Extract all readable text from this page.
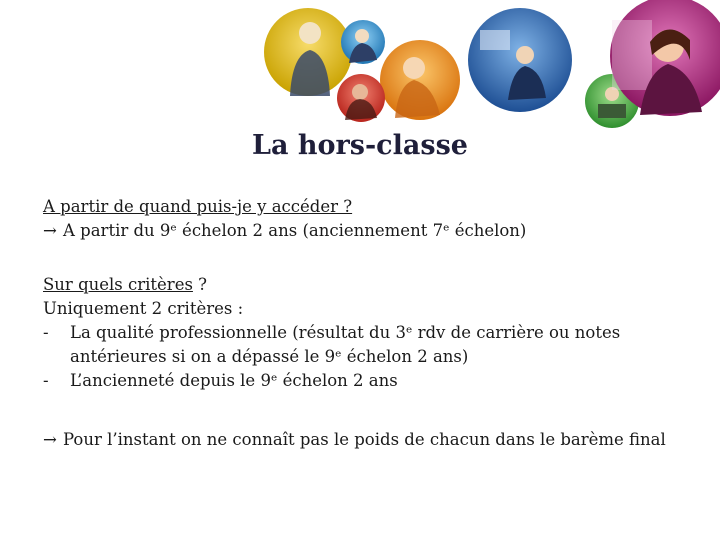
La hors-classe
A partir de quand puis-je y accéder ?
→ A partir du 9ᵉ échelon 2 ans (anciennement 7ᵉ échelon)
Sur quels critères ?
Uniquement 2 critères :
- La qualité professionnelle (résultat du 3ᵉ rdv de carrière ou notes antérieures si on a dépassé le 9ᵉ échelon 2 ans)
- L’ancienneté depuis le 9ᵉ échelon 2 ans
→ Pour l’instant on ne connaît pas le poids de chacun dans le barème final
